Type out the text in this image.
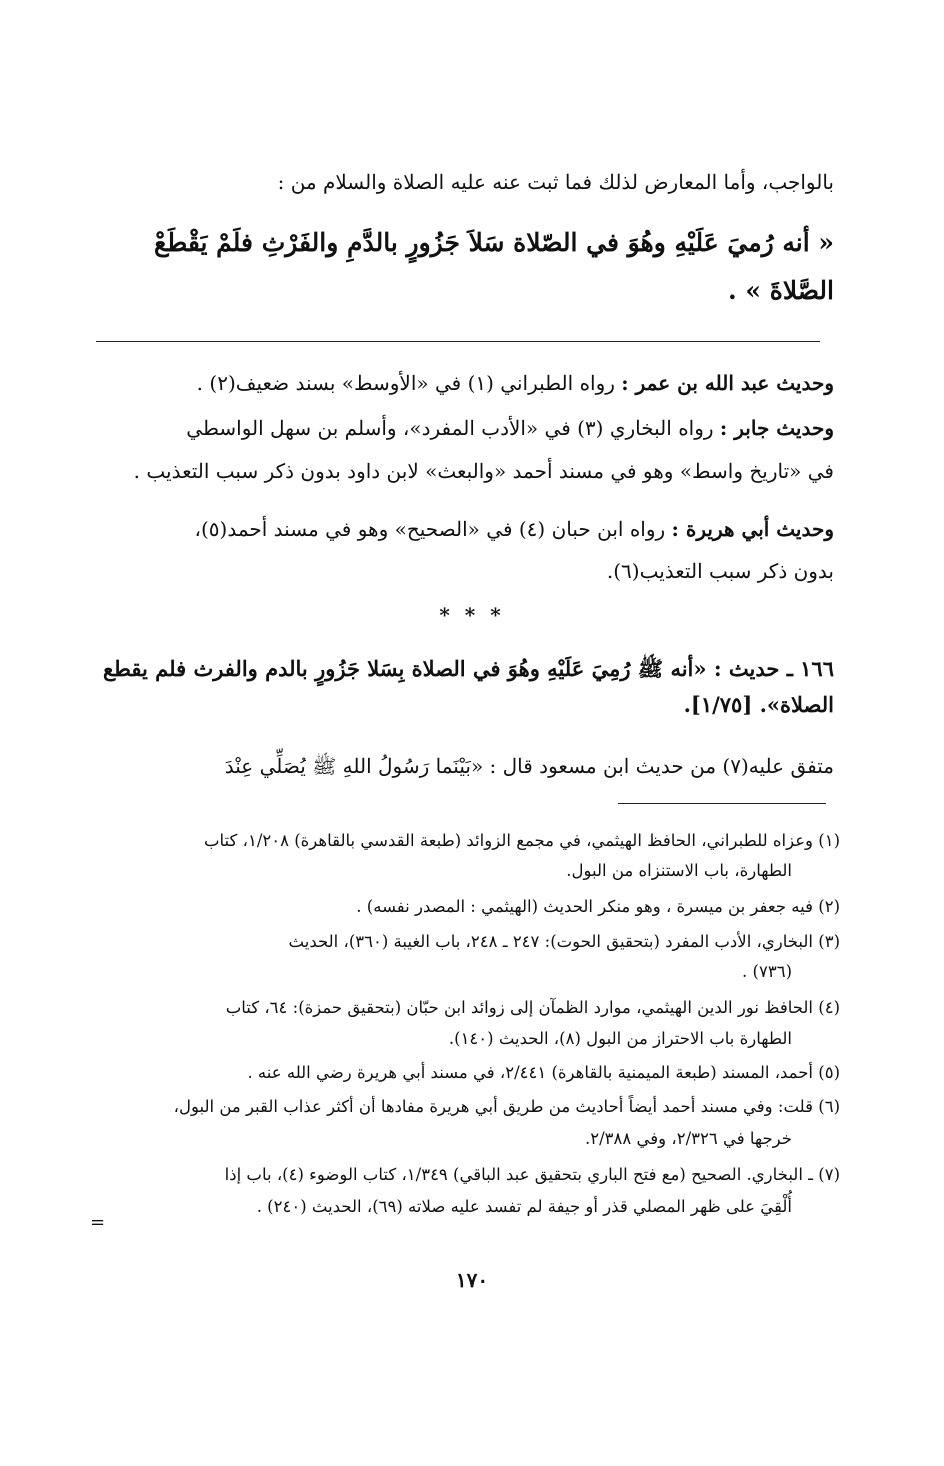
بالواجب، وأما المعارض لذلك فما ثبت عنه عليه الصلاة والسلام من :
« أنه رُميَ عَلَيْهِ وهُوَ في الصّلاة سَلاَ جَزُورٍ بالدَّمِ والفَرْثِ فلَمْ يَقْطَعْ
الصَّلاةَ » .
وحديث عبد الله بن عمر : رواه الطبراني (١) في «الأوسط» بسند ضعيف(٢) .
وحديث جابر : رواه البخاري (٣) في «الأدب المفرد»، وأسلم بن سهل الواسطي
في «تاريخ واسط» وهو في مسند أحمد «والبعث» لابن داود بدون ذكر سبب التعذيب .
وحديث أبي هريرة : رواه ابن حبان (٤) في «الصحيح» وهو في مسند أحمد(٥)،
بدون ذكر سبب التعذيب(٦).
* * *
١٦٦ ـ حديث : «أنه ﷺ رُمِيَ عَلَيْهِ وهُوَ في الصلاة بِسَلا جَزُورٍ بالدم والفرث فلم يقطع
الصلاة». [١/٧٥].
متفق عليه(٧) من حديث ابن مسعود قال : «بَيْنَما رَسُولُ اللهِ ﷺ يُصَلِّي عِنْدَ
(١) وعزاه للطبراني، الحافظ الهيثمي، في مجمع الزوائد (طبعة القدسي بالقاهرة) ١/٢٠٨، كتاب
الطهارة، باب الاستنزاه من البول.
(٢) فيه جعفر بن ميسرة ، وهو منكر الحديث (الهيثمي : المصدر نفسه) .
(٣) البخاري، الأدب المفرد (بتحقيق الحوت): ٢٤٧ ـ ٢٤٨، باب الغيبة (٣٦٠)، الحديث
(٧٣٦) .
(٤) الحافظ نور الدين الهيثمي، موارد الظمآن إلى زوائد ابن حبّان (بتحقيق حمزة): ٦٤، كتاب
الطهارة باب الاحتراز من البول (٨)، الحديث (١٤٠).
(٥) أحمد، المسند (طبعة الميمنية بالقاهرة) ٢/٤٤١، في مسند أبي هريرة رضي الله عنه .
(٦) قلت: وفي مسند أحمد أيضاً أحاديث من طريق أبي هريرة مفادها أن أكثر عذاب القبر من البول،
خرجها في ٢/٣٢٦، وفي ٢/٣٨٨.
(٧) ـ البخاري. الصحيح (مع فتح الباري بتحقيق عبد الباقي) ١/٣٤٩، كتاب الوضوء (٤)، باب إذا
أُلْقِيَ على ظهر المصلي قذر أو جيفة لم تفسد عليه صلاته (٦٩)، الحديث (٢٤٠) .
=
١٧٠
